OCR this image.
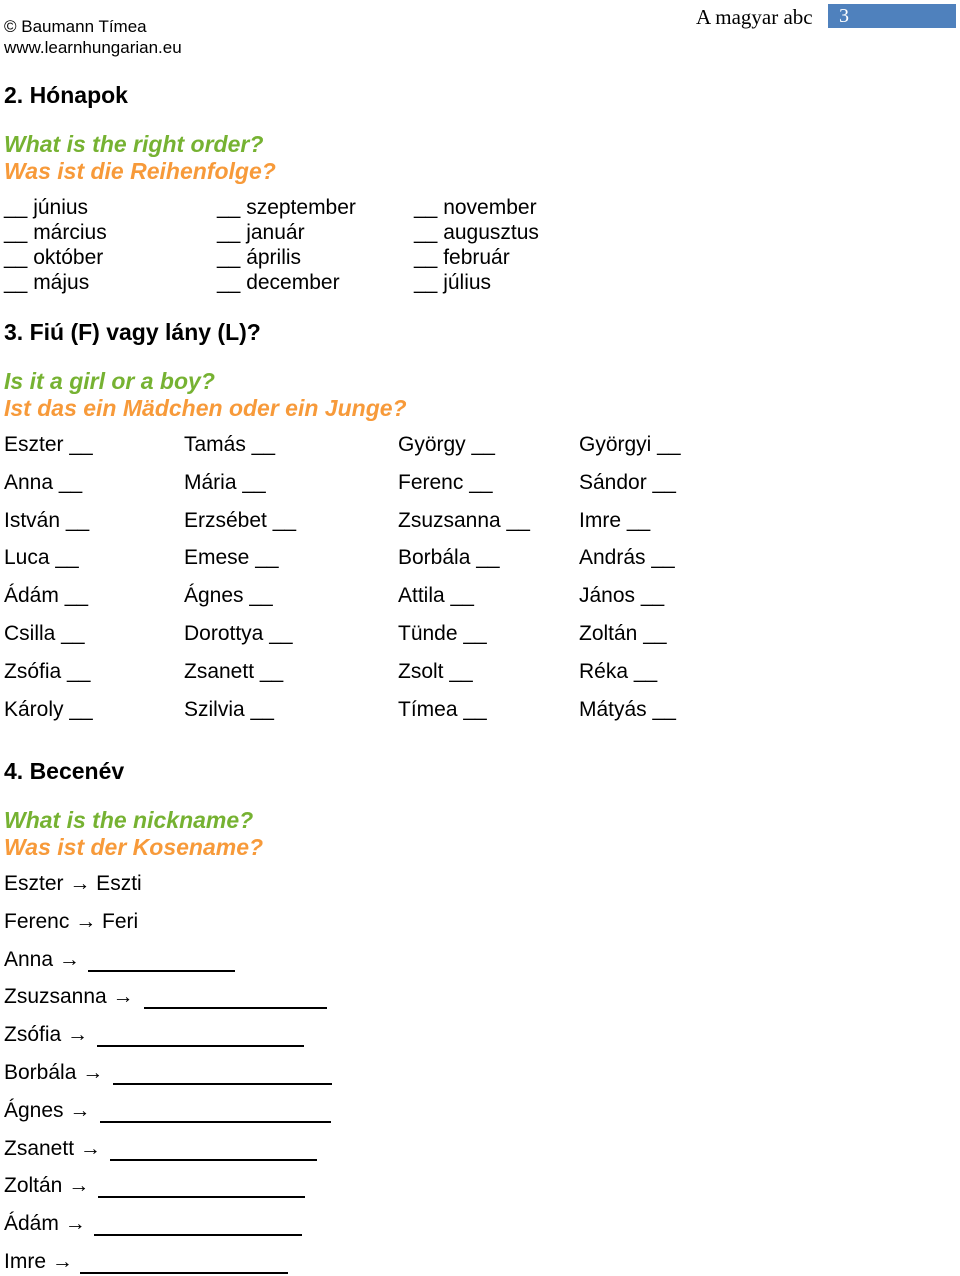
© Baumann Tímea
www.learnhungarian.eu
A magyar abc 3
2. Hónapok
What is the right order?
Was ist die Reihenfolge?
__ június	__ szeptember	__ november
__ március	__ január	__ augusztus
__ október	__ április	__ február
__ május	__ december	__ július
3. Fiú (F) vagy lány (L)?
Is it a girl or a boy?
Ist das ein Mädchen oder ein Junge?
Eszter __	Tamás __	György __	Györgyi __
Anna __	Mária __	Ferenc __	Sándor __
István __	Erzsébet __	Zsuzsanna __ Imre __
Luca __	Emese __	Borbála __	András __
Ádám __	Ágnes __	Attila __	János __
Csilla __	Dorottya __	Tünde __	Zoltán __
Zsófia __	Zsanett __	Zsolt __	Réka __
Károly __	Szilvia __	Tímea __	Mátyás __
4. Becenév
What is the nickname?
Was ist der Kosename?
Eszter → Eszti
Ferenc → Feri
Anna →
Zsuzsanna →
Zsófia →
Borbála →
Ágnes →
Zsanett →
Zoltán →
Ádám →
Imre →
